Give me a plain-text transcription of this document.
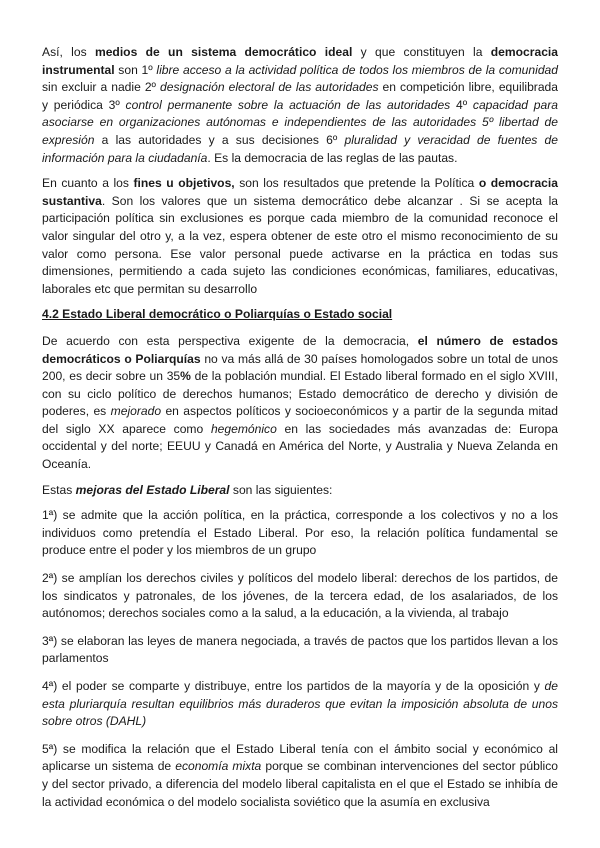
Así, los medios de un sistema democrático ideal y que constituyen la democracia instrumental son 1º libre acceso a la actividad política de todos los miembros de la comunidad sin excluir a nadie 2º designación electoral de las autoridades en competición libre, equilibrada y periódica 3º control permanente sobre la actuación de las autoridades 4º capacidad para asociarse en organizaciones autónomas e independientes de las autoridades 5º libertad de expresión a las autoridades y a sus decisiones 6º pluralidad y veracidad de fuentes de información para la ciudadanía. Es la democracia de las reglas de las pautas.

En cuanto a los fines u objetivos, son los resultados que pretende la Política o democracia sustantiva. Son los valores que un sistema democrático debe alcanzar . Si se acepta la participación política sin exclusiones es porque cada miembro de la comunidad reconoce el valor singular del otro y, a la vez, espera obtener de este otro el mismo reconocimiento de su valor como persona. Ese valor personal puede activarse en la práctica en todas sus dimensiones, permitiendo a cada sujeto las condiciones económicas, familiares, educativas, laborales etc que permitan su desarrollo

4.2 Estado Liberal democrático o Poliarquías o Estado social

De acuerdo con esta perspectiva exigente de la democracia, el número de estados democráticos o Poliarquías no va más allá de 30 países homologados sobre un total de unos 200, es decir sobre un 35% de la población mundial. El Estado liberal formado en el siglo XVIII, con su ciclo político de derechos humanos; Estado democrático de derecho y división de poderes, es mejorado en aspectos políticos y socioeconómicos y a partir de la segunda mitad del siglo XX aparece como hegemónico en las sociedades más avanzadas de: Europa occidental y del norte; EEUU y Canadá en América del Norte, y Australia y Nueva Zelanda en Oceanía.

Estas mejoras del Estado Liberal son las siguientes:

1ª) se admite que la acción política, en la práctica, corresponde a los colectivos y no a los individuos como pretendía el Estado Liberal. Por eso, la relación política fundamental se produce entre el poder y los miembros de un grupo

2ª) se amplían los derechos civiles y políticos del modelo liberal: derechos de los partidos, de los sindicatos y patronales, de los jóvenes, de la tercera edad, de los asalariados, de los autónomos; derechos sociales como a la salud, a la educación, a la vivienda, al trabajo

3ª) se elaboran las leyes de manera negociada, a través de pactos que los partidos llevan a los parlamentos

4ª) el poder se comparte y distribuye, entre los partidos de la mayoría y de la oposición y de esta pluriarquía resultan equilibrios más duraderos que evitan la imposición absoluta de unos sobre otros (DAHL)

5ª) se modifica la relación que el Estado Liberal tenía con el ámbito social y económico al aplicarse un sistema de economía mixta porque se combinan intervenciones del sector público y del sector privado, a diferencia del modelo liberal capitalista en el que el Estado se inhibía de la actividad económica o del modelo socialista soviético que la asumía en exclusiva
